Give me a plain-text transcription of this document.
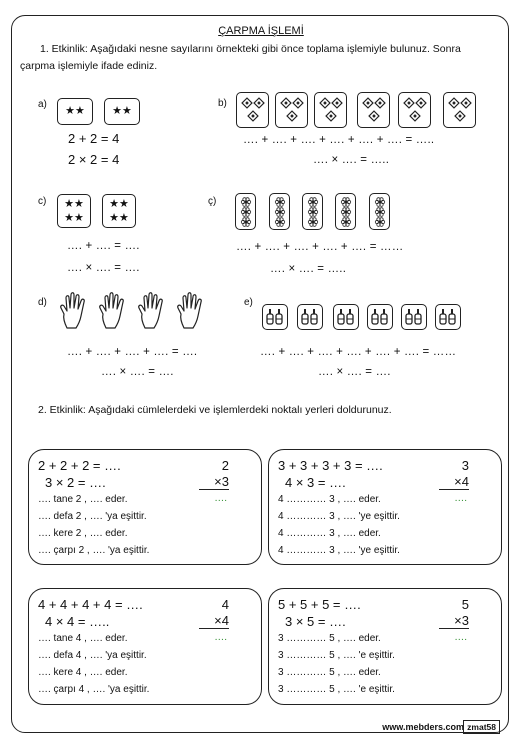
ÇARPMA İŞLEMİ
1. Etkinlik: Aşağıdaki nesne sayılarını örnekteki gibi önce toplama işlemiyle bulunuz. Sonra
çarpma işlemiyle ifade ediniz.
a)
★ ★ ★ ★
2 + 2 = 4
2 × 2 = 4
b)
…. + …. + …. + …. + …. + …. = …..
…. × …. = …..
c) ★ ★
★ ★
★ ★
★ ★
…. + …. = ….
…. × …. = ….
ç)
…. + …. + …. + …. + …. = ……
…. × …. = …..
d)
…. + …. + …. + …. = ….
…. × …. = ….
e)
…. + …. + …. + …. + …. + …. = ……
…. × …. = ….
2. Etkinlik: Aşağıdaki cümlelerdeki ve işlemlerdeki noktalı yerleri doldurunuz.
2 + 2 + 2 = ….
3 × 2 = ….
…. tane 2 , …. eder.
…. defa 2 , …. 'ya eşittir.
…. kere 2 , …. eder.
…. çarpı 2 , …. 'ya eşittir.
2
×3
….
3 + 3 + 3 + 3 = ….
4 × 3 = ….
4 ………… 3 , …. eder.
4 ………… 3 , …. 'ye eşittir.
4 ………… 3 , …. eder.
4 ………… 3 , …. 'ye eşittir.
3
×4
….
4 + 4 + 4 + 4 = ….
4 × 4 = …..
…. tane 4 , …. eder.
…. defa 4 , …. 'ya eşittir.
…. kere 4 , …. eder.
…. çarpı 4 , …. 'ya eşittir.
4
×4
….
5 + 5 + 5 = ….
3 × 5 = ….
3 ………… 5 , …. eder.
3 ………… 5 , …. 'e eşittir.
3 ………… 5 , …. eder.
3 ………… 5 , …. 'e eşittir.
5
×3
….
www.mebders.com zmat58
